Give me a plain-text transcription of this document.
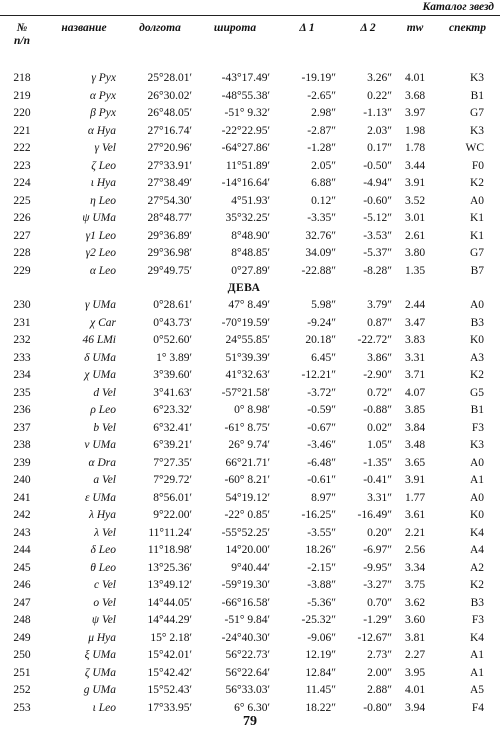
Каталог звезд
№
п/п	название	долгота	широта	Δ 1	Δ 2	mw	спектр

218	γ Pyx	25°28.01′	-43°17.49′	-19.19″	3.26″	4.01	K3
219	α Pyx	26°30.02′	-48°55.38′	-2.65″	0.22″	3.68	B1
220	β Pyx	26°48.05′	-51° 9.32′	2.98″	-1.13″	3.97	G7
221	α Hya	27°16.74′	-22°22.95′	-2.87″	2.03″	1.98	K3
222	γ Vel	27°20.96′	-64°27.86′	-1.28″	0.17″	1.78	WC
223	ζ Leo	27°33.91′	11°51.89′	2.05″	-0.50″	3.44	F0
224	ι Hya	27°38.49′	-14°16.64′	6.88″	-4.94″	3.91	K2
225	η Leo	27°54.30′	4°51.93′	0.12″	-0.60″	3.52	A0
226	ψ UMa	28°48.77′	35°32.25′	-3.35″	-5.12″	3.01	K1
227	γ1 Leo	29°36.89′	8°48.90′	32.76″	-3.53″	2.61	K1
228	γ2 Leo	29°36.98′	8°48.85′	34.09″	-5.37″	3.80	G7
229	α Leo	29°49.75′	0°27.89′	-22.88″	-8.28″	1.35	B7
ДЕВА							
230	γ UMa	0°28.61′	47° 8.49′	5.98″	3.79″	2.44	A0
231	χ Car	0°43.73′	-70°19.59′	-9.24″	0.87″	3.47	B3
232	46 LMi	0°52.60′	24°55.85′	20.18″	-22.72″	3.83	K0
233	δ UMa	1° 3.89′	51°39.39′	6.45″	3.86″	3.31	A3
234	χ UMa	3°39.60′	41°32.63′	-12.21″	-2.90″	3.71	K2
235	d Vel	3°41.63′	-57°21.58′	-3.72″	0.72″	4.07	G5
236	ρ Leo	6°23.32′	0° 8.98′	-0.59″	-0.88″	3.85	B1
237	b Vel	6°32.41′	-61° 8.75′	-0.67″	0.02″	3.84	F3
238	ν UMa	6°39.21′	26° 9.74′	-3.46″	1.05″	3.48	K3
239	α Dra	7°27.35′	66°21.71′	-6.48″	-1.35″	3.65	A0
240	a Vel	7°29.72′	-60° 8.21′	-0.61″	-0.41″	3.91	A1
241	ε UMa	8°56.01′	54°19.12′	8.97″	3.31″	1.77	A0
242	λ Hya	9°22.00′	-22° 0.85′	-16.25″	-16.49″	3.61	K0
243	λ Vel	11°11.24′	-55°52.25′	-3.55″	0.20″	2.21	K4
244	δ Leo	11°18.98′	14°20.00′	18.26″	-6.97″	2.56	A4
245	θ Leo	13°25.36′	9°40.44′	-2.15″	-9.95″	3.34	A2
246	c Vel	13°49.12′	-59°19.30′	-3.88″	-3.27″	3.75	K2
247	ο Vel	14°44.05′	-66°16.58′	-5.36″	0.70″	3.62	B3
248	ψ Vel	14°44.29′	-51° 9.84′	-25.32″	-1.29″	3.60	F3
249	μ Hya	15° 2.18′	-24°40.30′	-9.06″	-12.67″	3.81	K4
250	ξ UMa	15°42.01′	56°22.73′	12.19″	2.73″	2.27	A1
251	ζ UMa	15°42.42′	56°22.64′	12.84″	2.00″	3.95	A1
252	g UMa	15°52.43′	56°33.03′	11.45″	2.88″	4.01	A5
253	ι Leo	17°33.95′	6° 6.30′	18.22″	-0.80″	3.94	F4
79
